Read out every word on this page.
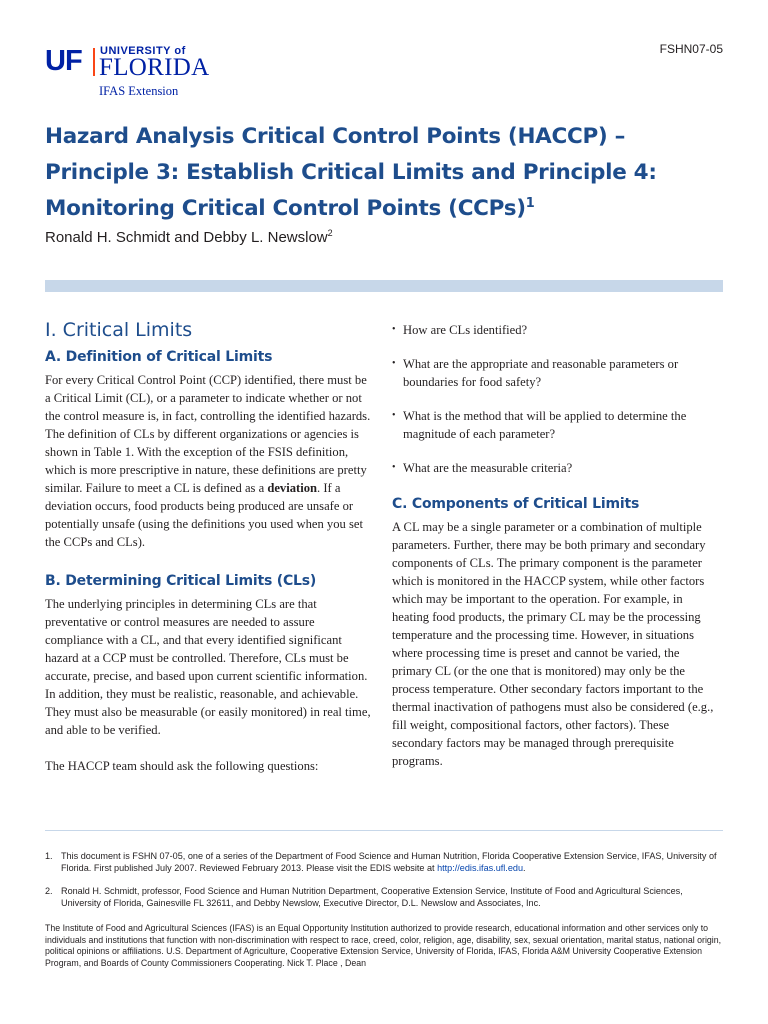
UF UNIVERSITY of
FLORIDA
IFAS Extension
FSHN07-05
Hazard Analysis Critical Control Points (HACCP) – Principle 3: Establish Critical Limits and Principle 4: Monitoring Critical Control Points (CCPs)$^1$
Ronald H. Schmidt and Debby L. Newslow$^2$
I. Critical Limits
A. Definition of Critical Limits

For every Critical Control Point (CCP) identified, there must be a Critical Limit (CL), or a parameter to indicate whether or not the control measure is, in fact, controlling the identified hazards. The definition of CLs by different organizations or agencies is shown in Table 1. With the exception of the FSIS definition, which is more prescriptive in nature, these definitions are pretty similar. Failure to meet a CL is defined as a deviation. If a deviation occurs, food products being produced are unsafe or potentially unsafe (using the definitions you used when you set the CCPs and CLs).

B. Determining Critical Limits (CLs)

The underlying principles in determining CLs are that preventative or control measures are needed to assure compliance with a CL, and that every identified significant hazard at a CCP must be controlled. Therefore, CLs must be accurate, precise, and based upon current scientific information. In addition, they must be realistic, reasonable, and achievable. They must also be measurable (or easily monitored) in real time, and able to be verified.

The HACCP team should ask the following questions:

• How are CLs identified?
• What are the appropriate and reasonable parameters or boundaries for food safety?
• What is the method that will be applied to determine the magnitude of each parameter?
• What are the measurable criteria?
C. Components of Critical Limits

A CL may be a single parameter or a combination of multiple parameters. Further, there may be both primary and secondary components of CLs. The primary component is the parameter which is monitored in the HACCP system, while other factors which may be important to the operation. For example, in heating food products, the primary CL may be the processing temperature and the processing time. However, in situations where processing time is preset and cannot be varied, the primary CL (or the one that is monitored) may only be the process temperature. Other secondary factors important to the thermal inactivation of pathogens must also be considered (e.g., fill weight, compositional factors, other factors). These secondary factors may be managed through prerequisite programs.

1. This document is FSHN 07-05, one of a series of the Department of Food Science and Human Nutrition, Florida Cooperative Extension Service, IFAS, University of Florida. First published July 2007. Reviewed February 2013. Please visit the EDIS website at http://edis.ifas.ufl.edu.
2. Ronald H. Schmidt, professor, Food Science and Human Nutrition Department, Cooperative Extension Service, Institute of Food and Agricultural Sciences, University of Florida, Gainesville FL 32611, and Debby Newslow, Executive Director, D.L. Newslow and Associates, Inc.

The Institute of Food and Agricultural Sciences (IFAS) is an Equal Opportunity Institution authorized to provide research, educational information and other services only to individuals and institutions that function with non-discrimination with respect to race, creed, color, religion, age, disability, sex, sexual orientation, marital status, national origin, political opinions or affiliations. U.S. Department of Agriculture, Cooperative Extension Service, University of Florida, IFAS, Florida A&M University Cooperative Extension Program, and Boards of County Commissioners Cooperating. Nick T. Place , Dean
